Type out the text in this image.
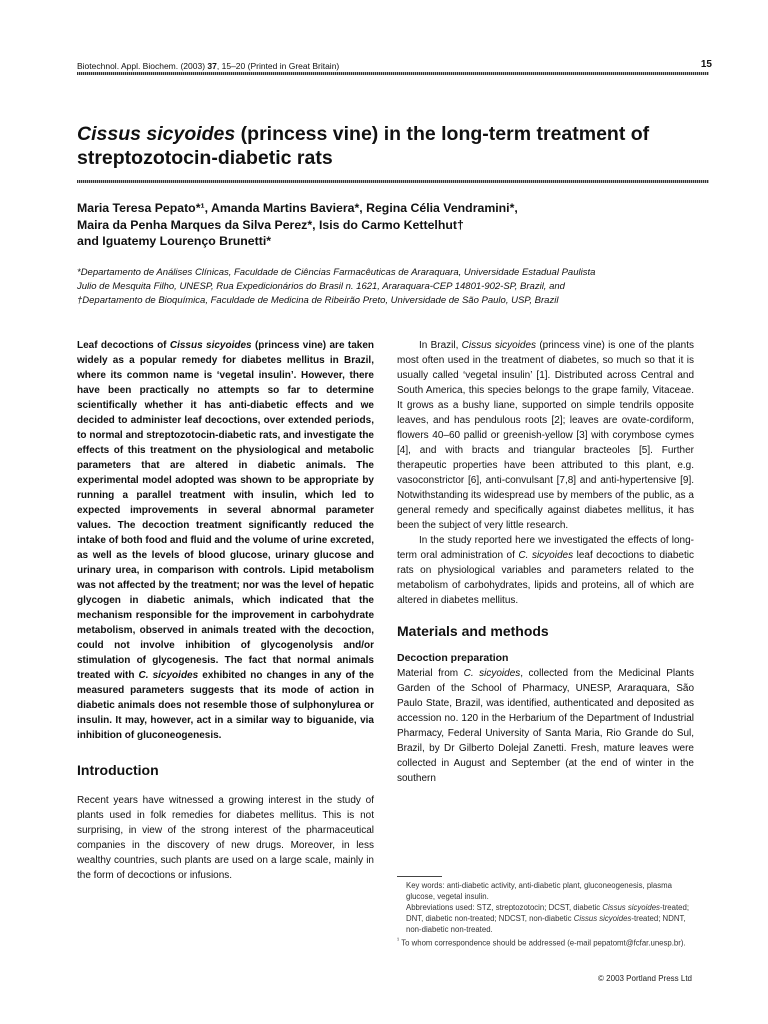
Biotechnol. Appl. Biochem. (2003) 37, 15–20 (Printed in Great Britain)	15
Cissus sicyoides (princess vine) in the long-term treatment of
streptozotocin-diabetic rats
Maria Teresa Pepato*¹, Amanda Martins Baviera*, Regina Célia Vendramini*,
Maira da Penha Marques da Silva Perez*, Isis do Carmo Kettelhut†
and Iguatemy Lourenço Brunetti*
*Departamento de Análises Clínicas, Faculdade de Ciências Farmacêuticas de Araraquara, Universidade Estadual Paulista
Julio de Mesquita Filho, UNESP, Rua Expedicionários do Brasil n. 1621, Araraquara-CEP 14801-902-SP, Brazil, and
†Departamento de Bioquímica, Faculdade de Medicina de Ribeirão Preto, Universidade de São Paulo, USP, Brazil

Leaf decoctions of Cissus sicyoides (princess vine) are taken widely as a popular remedy for diabetes mellitus in Brazil, where its common name is ‘vegetal insulin’. However, there have been practically no attempts so far to determine scientifically whether it has anti-diabetic effects and we decided to administer leaf decoctions, over extended periods, to normal and streptozotocin-diabetic rats, and investigate the effects of this treatment on the physiological and metabolic parameters that are altered in diabetic animals. The experimental model adopted was shown to be appropriate by running a parallel treatment with insulin, which led to expected improvements in several abnormal parameter values. The decoction treatment significantly reduced the intake of both food and fluid and the volume of urine excreted, as well as the levels of blood glucose, urinary glucose and urinary urea, in comparison with controls. Lipid metabolism was not affected by the treatment; nor was the level of hepatic glycogen in diabetic animals, which indicated that the mechanism responsible for the improvement in carbohydrate metabolism, observed in animals treated with the decoction, could not involve inhibition of glycogenolysis and/or stimulation of glycogenesis. The fact that normal animals treated with C. sicyoides exhibited no changes in any of the measured parameters suggests that its mode of action in diabetic animals does not resemble those of sulphonylurea or insulin. It may, however, act in a similar way to biguanide, via inhibition of gluconeogenesis.

Introduction

Recent years have witnessed a growing interest in the study of plants used in folk remedies for diabetes mellitus. This is not surprising, in view of the strong interest of the pharmaceutical companies in the discovery of new drugs. Moreover, in less wealthy countries, such plants are used on a large scale, mainly in the form of decoctions or infusions.

In Brazil, Cissus sicyoides (princess vine) is one of the plants most often used in the treatment of diabetes, so much so that it is usually called ‘vegetal insulin’ [1]. Distributed across Central and South America, this species belongs to the grape family, Vitaceae. It grows as a bushy liane, supported on simple tendrils opposite leaves, and has pendulous roots [2]; leaves are ovate-cordiform, flowers 40–60 pallid or greenish-yellow [3] with corymbose cymes [4], and with bracts and triangular bracteoles [5]. Further therapeutic properties have been attributed to this plant, e.g. vasoconstrictor [6], anti-convulsant [7,8] and anti-hypertensive [9]. Notwithstanding its widespread use by members of the public, as a general remedy and specifically against diabetes mellitus, it has been the subject of very little research.

In the study reported here we investigated the effects of long-term oral administration of C. sicyoides leaf decoctions to diabetic rats on physiological variables and parameters related to the metabolism of carbohydrates, lipids and proteins, all of which are altered in diabetes mellitus.

Materials and methods
Decoction preparation

Material from C. sicyoides, collected from the Medicinal Plants Garden of the School of Pharmacy, UNESP, Araraquara, São Paulo State, Brazil, was identified, authenticated and deposited as accession no. 120 in the Herbarium of the Department of Industrial Pharmacy, Federal University of Santa Maria, Rio Grande do Sul, Brazil, by Dr Gilberto Dolejal Zanetti. Fresh, mature leaves were collected in August and September (at the end of winter in the southern

Key words: anti-diabetic activity, anti-diabetic plant, gluconeogenesis, plasma glucose, vegetal insulin.
Abbreviations used: STZ, streptozotocin; DCST, diabetic Cissus sicyoides-treated; DNT, diabetic non-treated; NDCST, non-diabetic Cissus sicyoides-treated; NDNT, non-diabetic non-treated.
$^{^1}$ To whom correspondence should be addressed (e-mail pepatomt@fcfar.unesp.br).
© 2003 Portland Press Ltd
